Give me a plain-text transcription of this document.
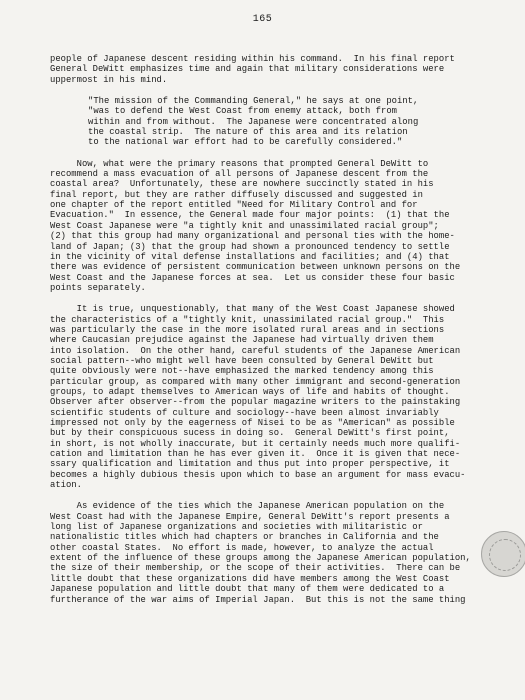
165
people of Japanese descent residing within his command.  In his final report
General DeWitt emphasizes time and again that military considerations were
uppermost in his mind.
"The mission of the Commanding General," he says at one point,
"was to defend the West Coast from enemy attack, both from
within and from without.  The Japanese were concentrated along
the coastal strip.  The nature of this area and its relation
to the national war effort had to be carefully considered."
Now, what were the primary reasons that prompted General DeWitt to
recommend a mass evacuation of all persons of Japanese descent from the
coastal area?  Unfortunately, these are nowhere succinctly stated in his
final report, but they are rather diffusely discussed and suggested in
one chapter of the report entitled "Need for Military Control and for
Evacuation."  In essence, the General made four major points:  (1) that the
West Coast Japanese were "a tightly knit and unassimilated racial group";
(2) that this group had many organizational and personal ties with the home-
land of Japan; (3) that the group had shown a pronounced tendency to settle
in the vicinity of vital defense installations and facilities; and (4) that
there was evidence of persistent communication between unknown persons on the
West Coast and the Japanese forces at sea.  Let us consider these four basic
points separately.
It is true, unquestionably, that many of the West Coast Japanese showed
the characteristics of a "tightly knit, unassimilated racial group."  This
was particularly the case in the more isolated rural areas and in sections
where Caucasian prejudice against the Japanese had virtually driven them
into isolation.  On the other hand, careful students of the Japanese American
social pattern--who might well have been consulted by General DeWitt but
quite obviously were not--have emphasized the marked tendency among this
particular group, as compared with many other immigrant and second-generation
groups, to adapt themselves to American ways of life and habits of thought.
Observer after observer--from the popular magazine writers to the painstaking
scientific students of culture and sociology--have been almost invariably
impressed not only by the eagerness of Nisei to be as "American" as possible
but by their conspicuous sucess in doing so.  General DeWitt's first point,
in short, is not wholly inaccurate, but it certainly needs much more qualifi-
cation and limitation than he has ever given it.  Once it is given that nece-
ssary qualification and limitation and thus put into proper perspective, it
becomes a highly dubious thesis upon which to base an argument for mass evacu-
ation.
As evidence of the ties which the Japanese American population on the
West Coast had with the Japanese Empire, General DeWitt's report presents a
long list of Japanese organizations and societies with militaristic or
nationalistic titles which had chapters or branches in California and the
other coastal States.  No effort is made, however, to analyze the actual
extent of the influence of these groups among the Japanese American population,
the size of their membership, or the scope of their activities.  There can be
little doubt that these organizations did have members among the West Coast
Japanese population and little doubt that many of them were dedicated to a
furtherance of the war aims of Imperial Japan.  But this is not the same thing
